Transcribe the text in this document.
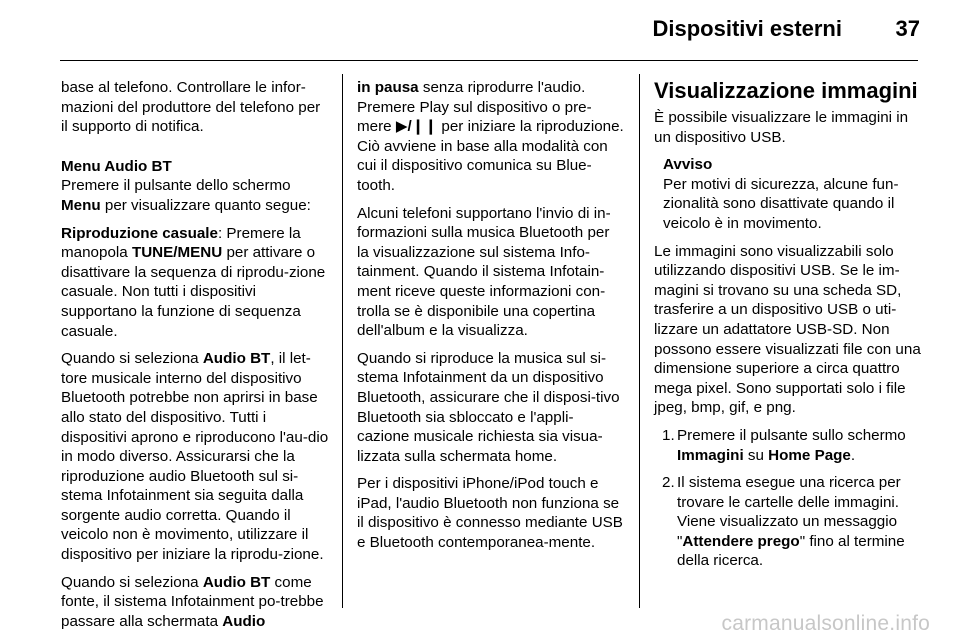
Dispositivi esterni 37

base al telefono. Controllare le infor-mazioni del produttore del telefono per il supporto di notifica.

Menu Audio BT
Premere il pulsante dello schermo Menu per visualizzare quanto segue:

Riproduzione casuale: Premere la manopola TUNE/MENU per attivare o disattivare la sequenza di riprodu-zione casuale. Non tutti i dispositivi supportano la funzione di sequenza casuale.

Quando si seleziona Audio BT, il let-tore musicale interno del dispositivo Bluetooth potrebbe non aprirsi in base allo stato del dispositivo. Tutti i dispositivi aprono e riproducono l'au-dio in modo diverso. Assicurarsi che la riproduzione audio Bluetooth sul si-stema Infotainment sia seguita dalla sorgente audio corretta. Quando il veicolo non è movimento, utilizzare il dispositivo per iniziare la riprodu-zione.

Quando si seleziona Audio BT come fonte, il sistema Infotainment po-trebbe passare alla schermata Audio

in pausa senza riprodurre l'audio. Premere Play sul dispositivo o pre-mere ▶/❙❙ per iniziare la riproduzione. Ciò avviene in base alla modalità con cui il dispositivo comunica su Blue-tooth.

Alcuni telefoni supportano l'invio di in-formazioni sulla musica Bluetooth per la visualizzazione sul sistema Info-tainment. Quando il sistema Infotain-ment riceve queste informazioni con-trolla se è disponibile una copertina dell'album e la visualizza.

Quando si riproduce la musica sul si-stema Infotainment da un dispositivo Bluetooth, assicurare che il disposi-tivo Bluetooth sia sbloccato e l'appli-cazione musicale richiesta sia visua-lizzata sulla schermata home.

Per i dispositivi iPhone/iPod touch e iPad, l'audio Bluetooth non funziona se il dispositivo è connesso mediante USB e Bluetooth contemporanea-mente.

Visualizzazione immagini

È possibile visualizzare le immagini in un dispositivo USB.

Avviso
Per motivi di sicurezza, alcune fun-zionalità sono disattivate quando il veicolo è in movimento.

Le immagini sono visualizzabili solo utilizzando dispositivi USB. Se le im-magini si trovano su una scheda SD, trasferire a un dispositivo USB o uti-lizzare un adattatore USB-SD. Non possono essere visualizzati file con una dimensione superiore a circa quattro mega pixel. Sono supportati solo i file jpeg, bmp, gif, e png.

1. Premere il pulsante sullo schermo Immagini su Home Page.
2. Il sistema esegue una ricerca per trovare le cartelle delle immagini. Viene visualizzato un messaggio "Attendere prego" fino al termine della ricerca.
carmanualsonline.info
